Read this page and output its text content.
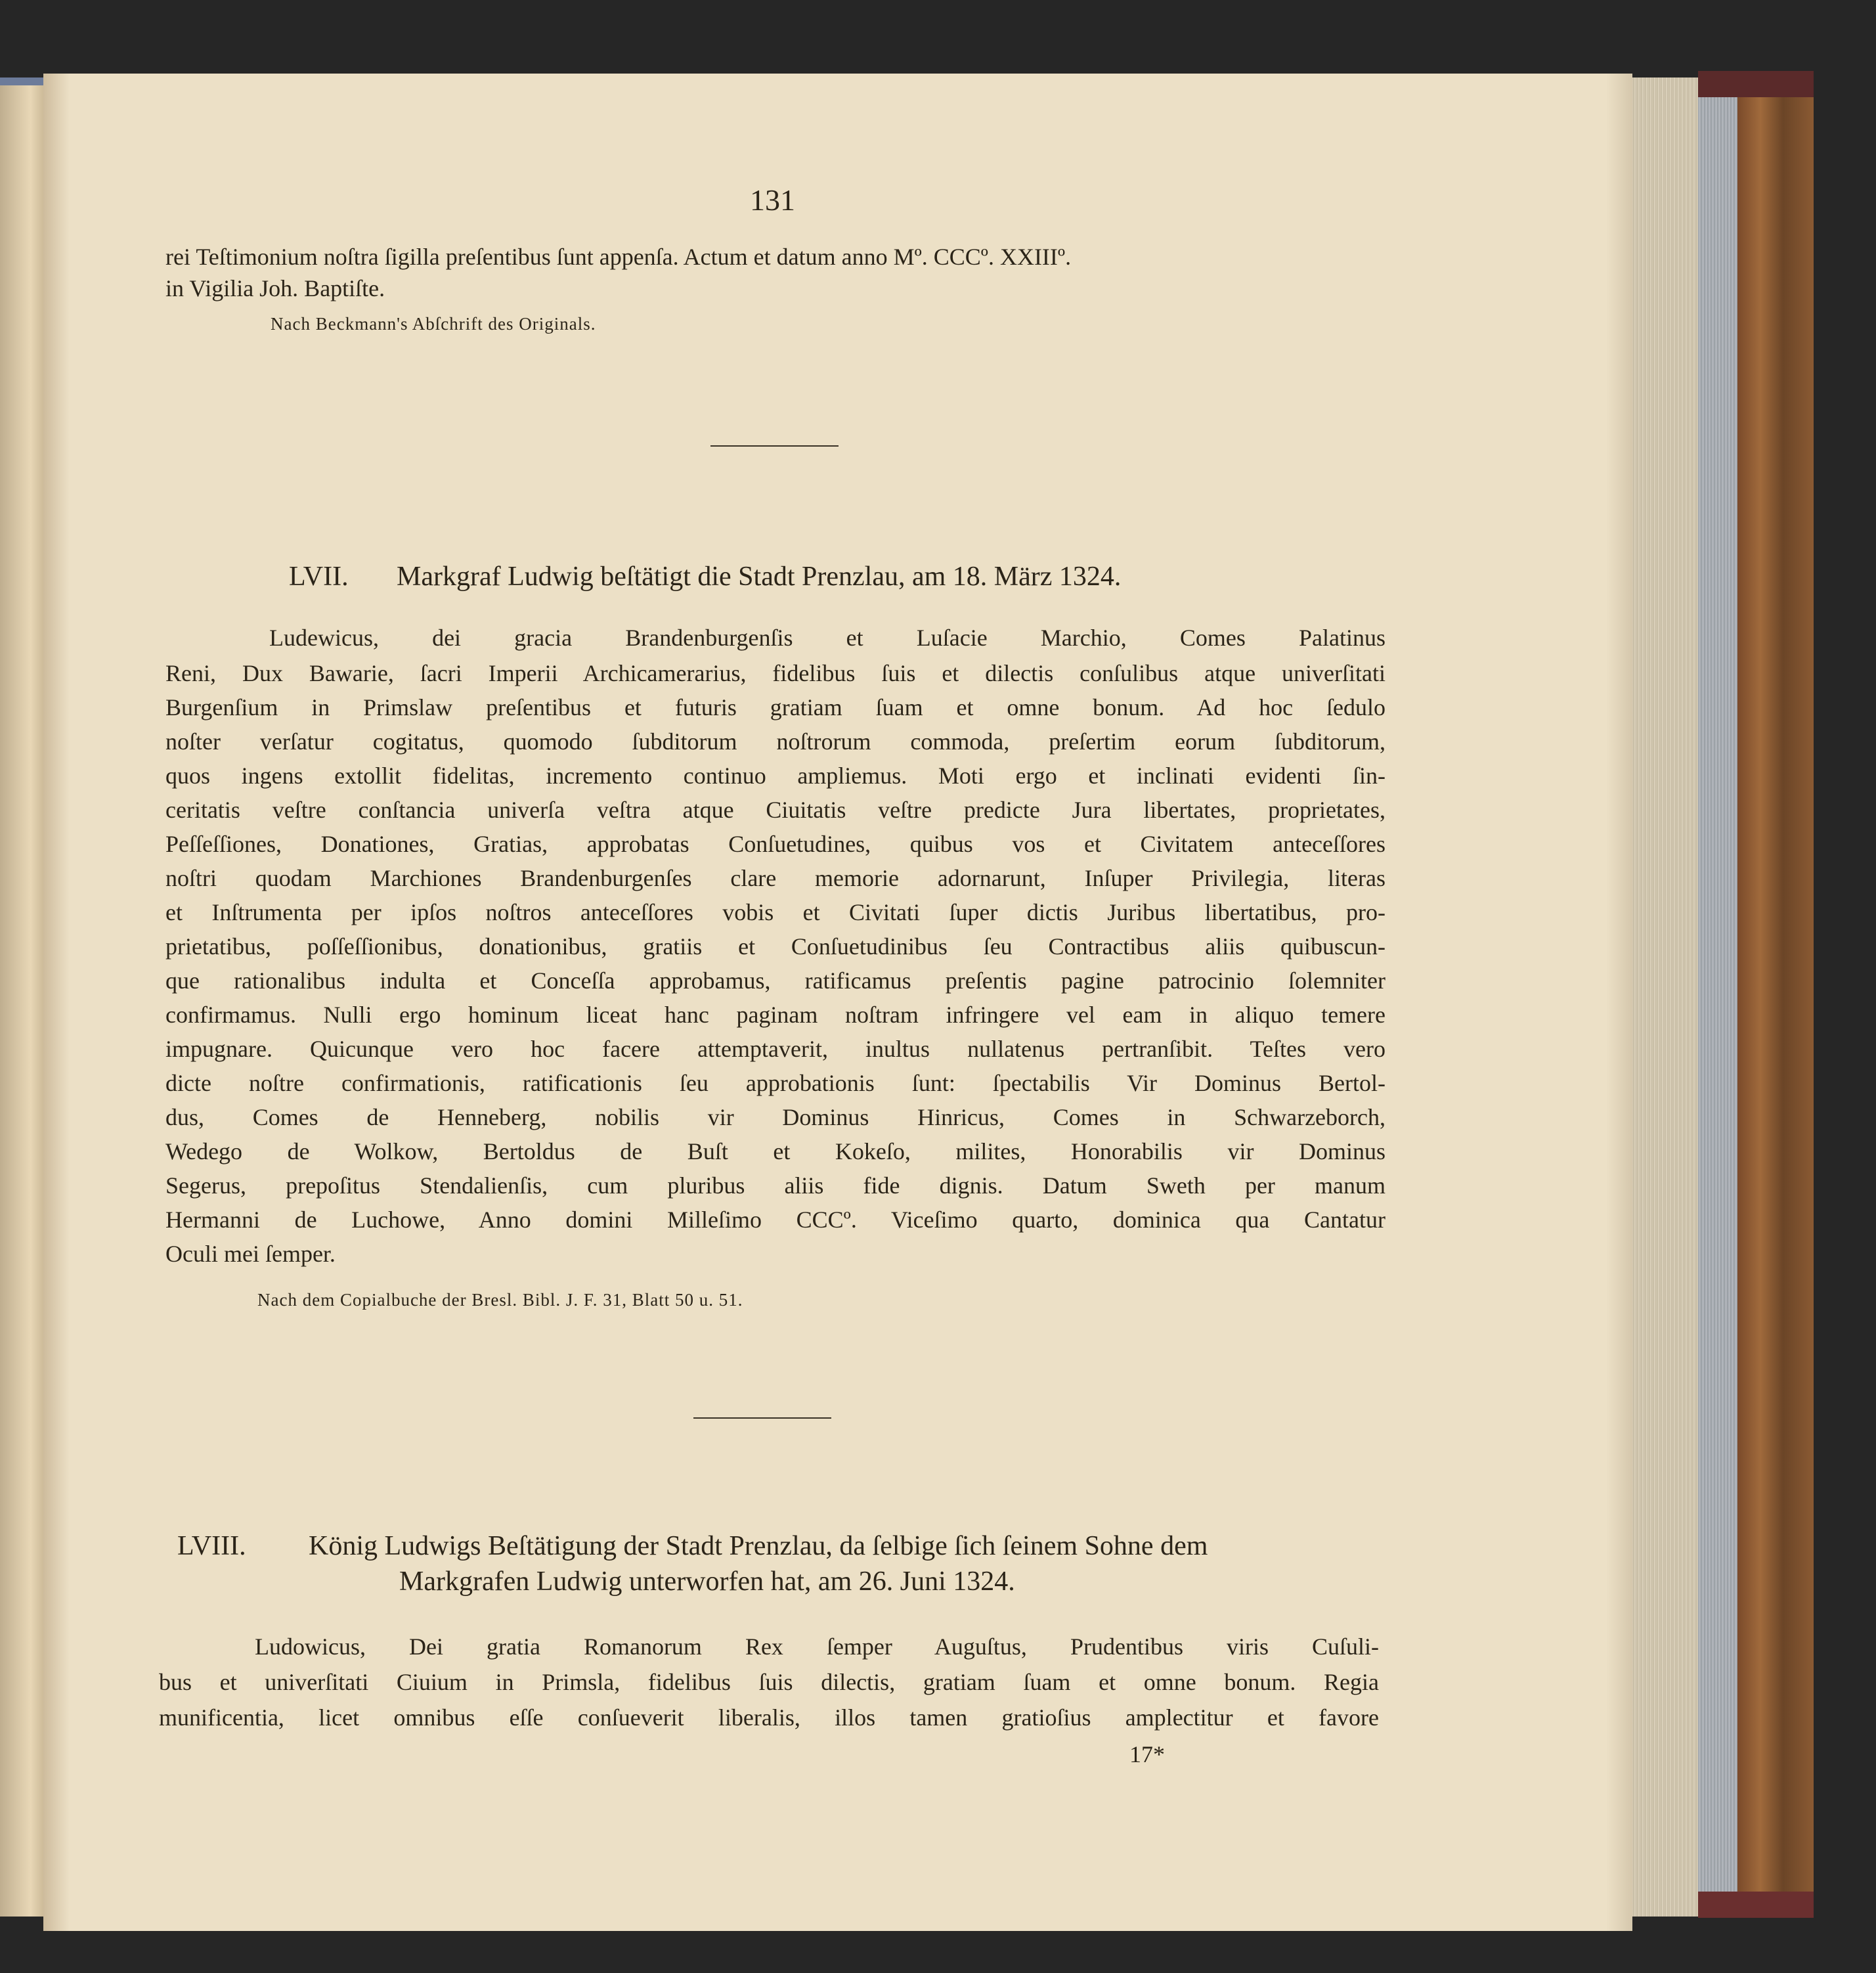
131
rei Teſtimonium noſtra ſigilla preſentibus ſunt appenſa. Actum et datum anno Mº. CCCº. XXIIIº.
in Vigilia Joh. Baptiſte.
Nach Beckmann's Abſchrift des Originals.
LVII. Markgraf Ludwig beſtätigt die Stadt Prenzlau, am 18. März 1324.
Ludewicus, dei gracia Brandenburgenſis et Luſacie Marchio, Comes Palatinus
Reni, Dux Bawarie, ſacri Imperii Archicamerarius, fidelibus ſuis et dilectis conſulibus atque univerſitati
Burgenſium in Primslaw preſentibus et futuris gratiam ſuam et omne bonum. Ad hoc ſedulo
noſter verſatur cogitatus, quomodo ſubditorum noſtrorum commoda, preſertim eorum ſubditorum,
quos ingens extollit fidelitas, incremento continuo ampliemus. Moti ergo et inclinati evidenti ſin-
ceritatis veſtre conſtancia univerſa veſtra atque Ciuitatis veſtre predicte Jura libertates, proprietates,
Peſſeſſiones, Donationes, Gratias, approbatas Conſuetudines, quibus vos et Civitatem anteceſſores
noſtri quodam Marchiones Brandenburgenſes clare memorie adornarunt, Inſuper Privilegia, literas
et Inſtrumenta per ipſos noſtros anteceſſores vobis et Civitati ſuper dictis Juribus libertatibus, pro-
prietatibus, poſſeſſionibus, donationibus, gratiis et Conſuetudinibus ſeu Contractibus aliis quibuscun-
que rationalibus indulta et Conceſſa approbamus, ratificamus preſentis pagine patrocinio ſolemniter
confirmamus. Nulli ergo hominum liceat hanc paginam noſtram infringere vel eam in aliquo temere
impugnare. Quicunque vero hoc facere attemptaverit, inultus nullatenus pertranſibit. Teſtes vero
dicte noſtre confirmationis, ratificationis ſeu approbationis ſunt: ſpectabilis Vir Dominus Bertol-
dus, Comes de Henneberg, nobilis vir Dominus Hinricus, Comes in Schwarzeborch,
Wedego de Wolkow, Bertoldus de Buſt et Kokeſo, milites, Honorabilis vir Dominus
Segerus, prepoſitus Stendalienſis, cum pluribus aliis fide dignis. Datum Sweth per manum
Hermanni de Luchowe, Anno domini Milleſimo CCCº. Viceſimo quarto, dominica qua Cantatur
Oculi mei ſemper.
Nach dem Copialbuche der Bresl. Bibl. J. F. 31, Blatt 50 u. 51.
LVIII. König Ludwigs Beſtätigung der Stadt Prenzlau, da ſelbige ſich ſeinem Sohne dem
Markgrafen Ludwig unterworfen hat, am 26. Juni 1324.
Ludowicus, Dei gratia Romanorum Rex ſemper Auguſtus, Prudentibus viris Cuſuli-
bus et univerſitati Ciuium in Primsla, fidelibus ſuis dilectis, gratiam ſuam et omne bonum. Regia
munificentia, licet omnibus eſſe conſueverit liberalis, illos tamen gratioſius amplectitur et favore
17*
